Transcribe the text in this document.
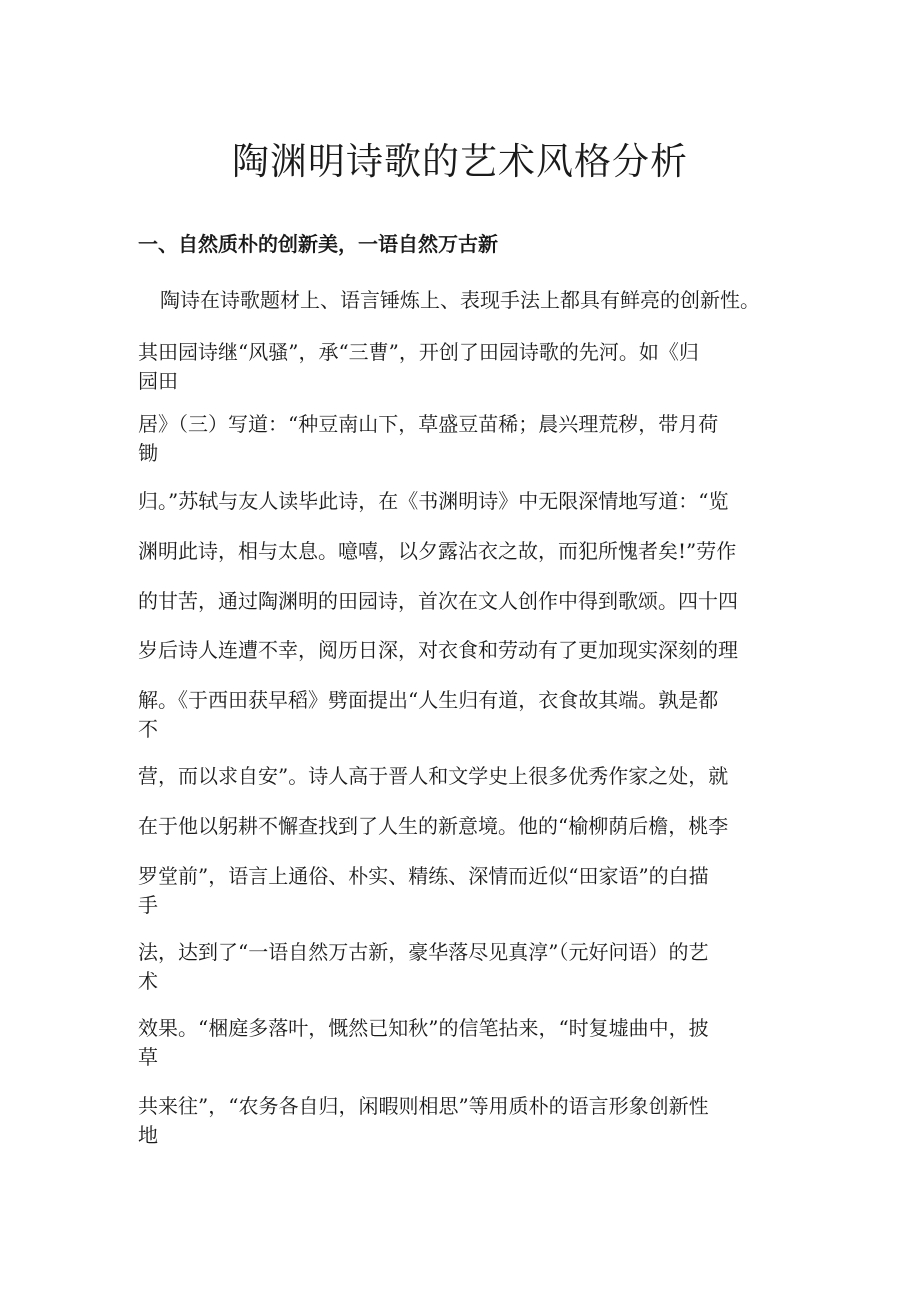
陶渊明诗歌的艺术风格分析
一、自然质朴的创新美，一语自然万古新

陶诗在诗歌题材上、语言锤炼上、表现手法上都具有鲜亮的创新性。

其田园诗继“风骚”，承“三曹”，开创了田园诗歌的先河。如《归
园田

居》（三）写道：“种豆南山下，草盛豆苗稀；晨兴理荒秽，带月荷
锄

归。”苏轼与友人读毕此诗，在《书渊明诗》中无限深情地写道：“览

渊明此诗，相与太息。噫嘻，以夕露沾衣之故，而犯所愧者矣!”劳作

的甘苦，通过陶渊明的田园诗，首次在文人创作中得到歌颂。四十四

岁后诗人连遭不幸，阅历日深，对衣食和劳动有了更加现实深刻的理

解。《于西田获早稻》劈面提出“人生归有道，衣食故其端。孰是都
不

营，而以求自安”。诗人高于晋人和文学史上很多优秀作家之处，就

在于他以躬耕不懈查找到了人生的新意境。他的“榆柳荫后檐，桃李

罗堂前”，语言上通俗、朴实、精练、深情而近似“田家语”的白描
手

法，达到了“一语自然万古新，豪华落尽见真淳”（元好问语）的艺
术

效果。“梱庭多落叶，慨然已知秋”的信笔拈来，“时复墟曲中，披
草

共来往”，“农务各自归，闲暇则相思”等用质朴的语言形象创新性
地
